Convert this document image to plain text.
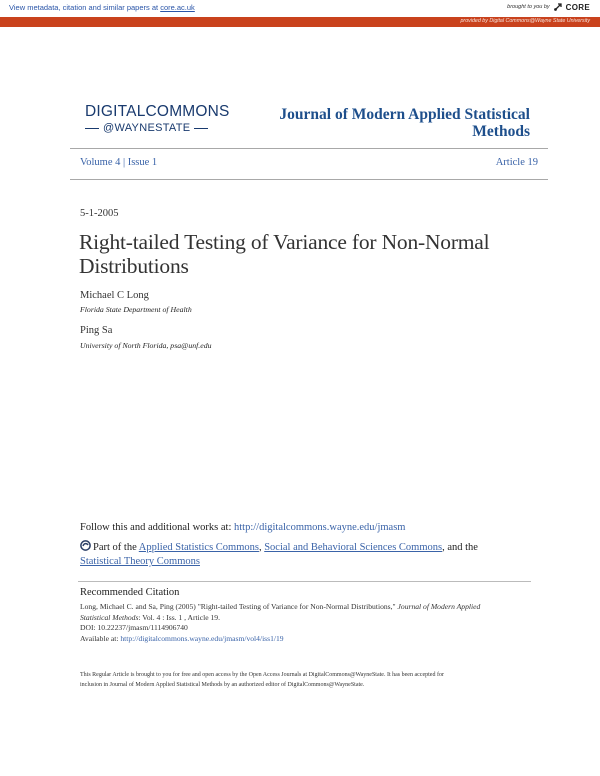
View metadata, citation and similar papers at core.ac.uk	brought to you by CORE
provided by Digital Commons@Wayne State University
DIGITALCOMMONS
@WAYNESTATE
Journal of Modern Applied Statistical
Methods
Volume 4 | Issue 1	Article 19
5-1-2005
Right-tailed Testing of Variance for Non-Normal Distributions
Michael C Long
Florida State Department of Health
Ping Sa
University of North Florida, psa@unf.edu
Follow this and additional works at: http://digitalcommons.wayne.edu/jmasm
Part of the Applied Statistics Commons, Social and Behavioral Sciences Commons, and the
Statistical Theory Commons
Recommended Citation
Long, Michael C. and Sa, Ping (2005) "Right-tailed Testing of Variance for Non-Normal Distributions," Journal of Modern Applied
Statistical Methods: Vol. 4 : Iss. 1 , Article 19.
DOI: 10.22237/jmasm/1114906740
Available at: http://digitalcommons.wayne.edu/jmasm/vol4/iss1/19
This Regular Article is brought to you for free and open access by the Open Access Journals at DigitalCommons@WayneState. It has been accepted for
inclusion in Journal of Modern Applied Statistical Methods by an authorized editor of DigitalCommons@WayneState.
